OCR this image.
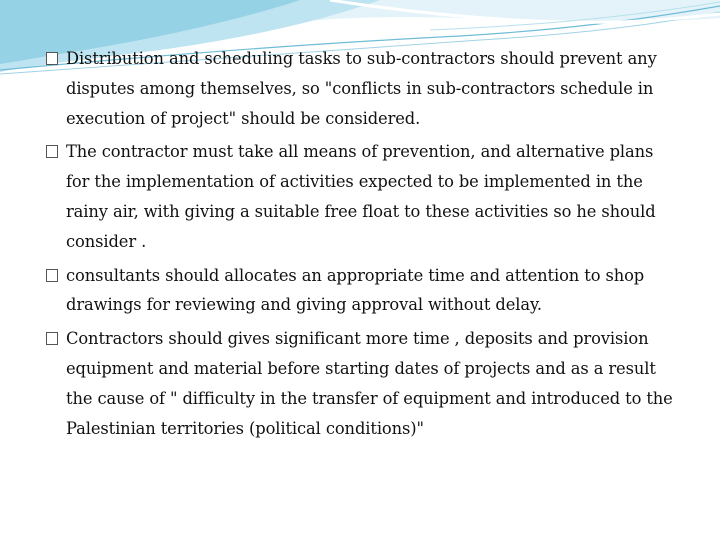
Distribution and scheduling tasks to sub-contractors should prevent any disputes among themselves, so "conflicts in sub-contractors schedule in execution of project" should be considered.
The contractor must take all means of prevention, and alternative plans for the implementation of activities expected to be implemented in the rainy air, with giving a suitable free float to these activities so he should consider .
consultants should allocates an appropriate time and attention to shop drawings for reviewing and giving approval without delay.
Contractors should gives significant more time , deposits and provision equipment and material before starting dates of projects and as a result the cause of " difficulty in the transfer of equipment and introduced to the Palestinian territories (political conditions)"
